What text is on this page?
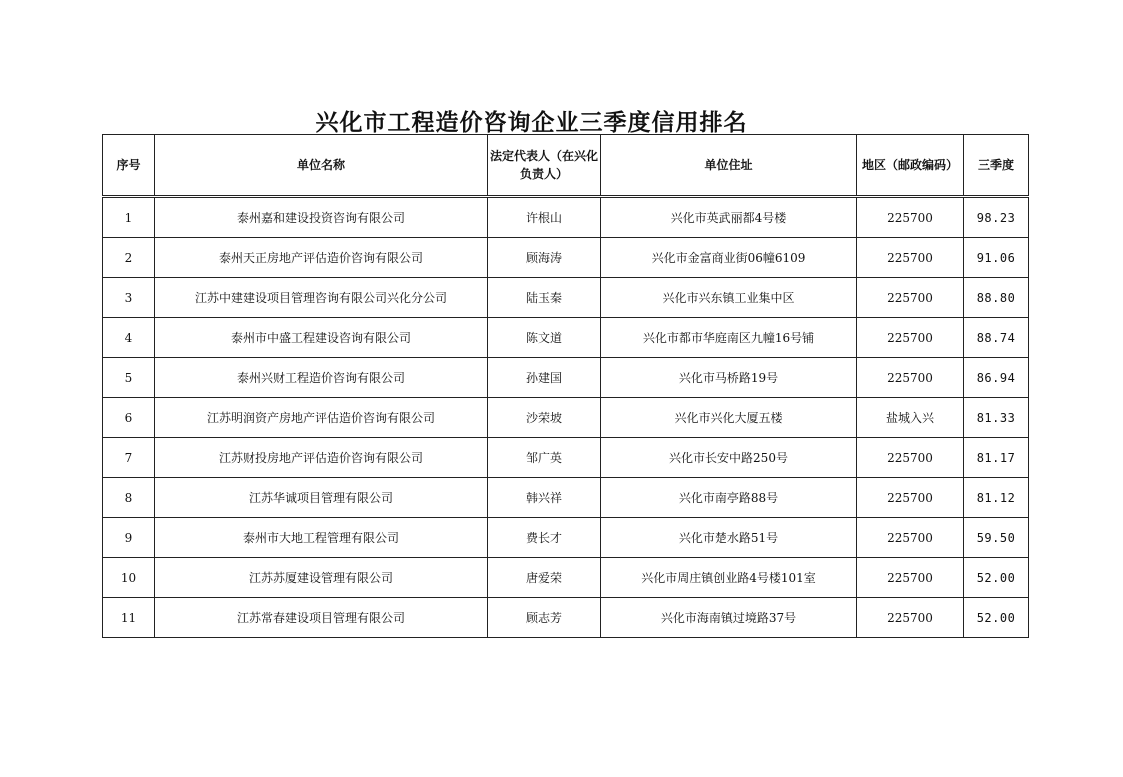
兴化市工程造价咨询企业三季度信用排名
序号	单位名称	法定代表人（在兴化负责人）	单位住址	地区（邮政编码）	三季度
1	泰州嘉和建设投资咨询有限公司	许根山	兴化市英武丽都4号楼	225700	98.23
2	泰州天正房地产评估造价咨询有限公司	顾海涛	兴化市金富商业街06幢6109	225700	91.06
3	江苏中建建设项目管理咨询有限公司兴化分公司	陆玉秦	兴化市兴东镇工业集中区	225700	88.80
4	泰州市中盛工程建设咨询有限公司	陈文道	兴化市都市华庭南区九幢16号铺	225700	88.74
5	泰州兴财工程造价咨询有限公司	孙建国	兴化市马桥路19号	225700	86.94
6	江苏明润资产房地产评估造价咨询有限公司	沙荣坡	兴化市兴化大厦五楼	盐城入兴	81.33
7	江苏财投房地产评估造价咨询有限公司	邹广英	兴化市长安中路250号	225700	81.17
8	江苏华诚项目管理有限公司	韩兴祥	兴化市南亭路88号	225700	81.12
9	泰州市大地工程管理有限公司	费长才	兴化市楚水路51号	225700	59.50
10	江苏苏厦建设管理有限公司	唐爱荣	兴化市周庄镇创业路4号楼101室	225700	52.00
11	江苏常春建设项目管理有限公司	顾志芳	兴化市海南镇过境路37号	225700	52.00
